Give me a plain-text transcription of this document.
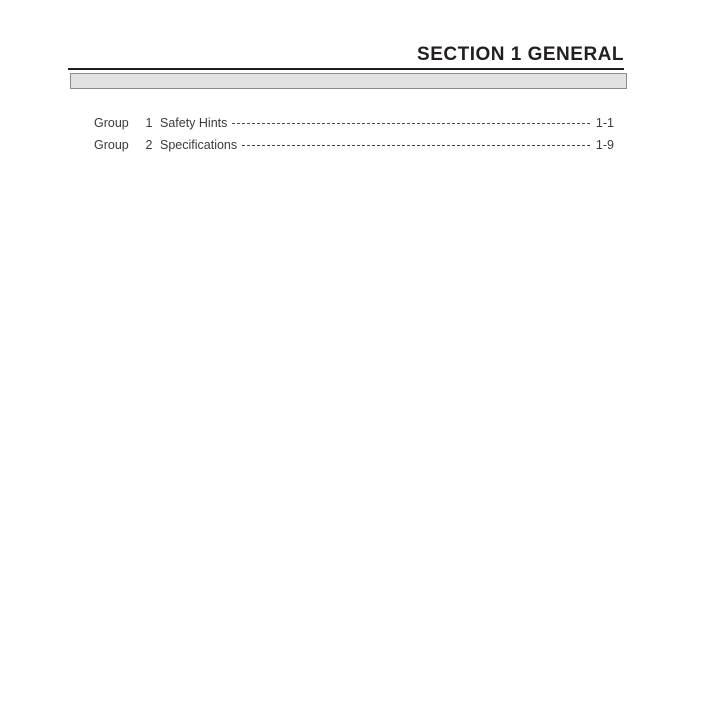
SECTION 1 GENERAL
Group	1 Safety Hints	1-1
Group	2 Specifications	1-9
